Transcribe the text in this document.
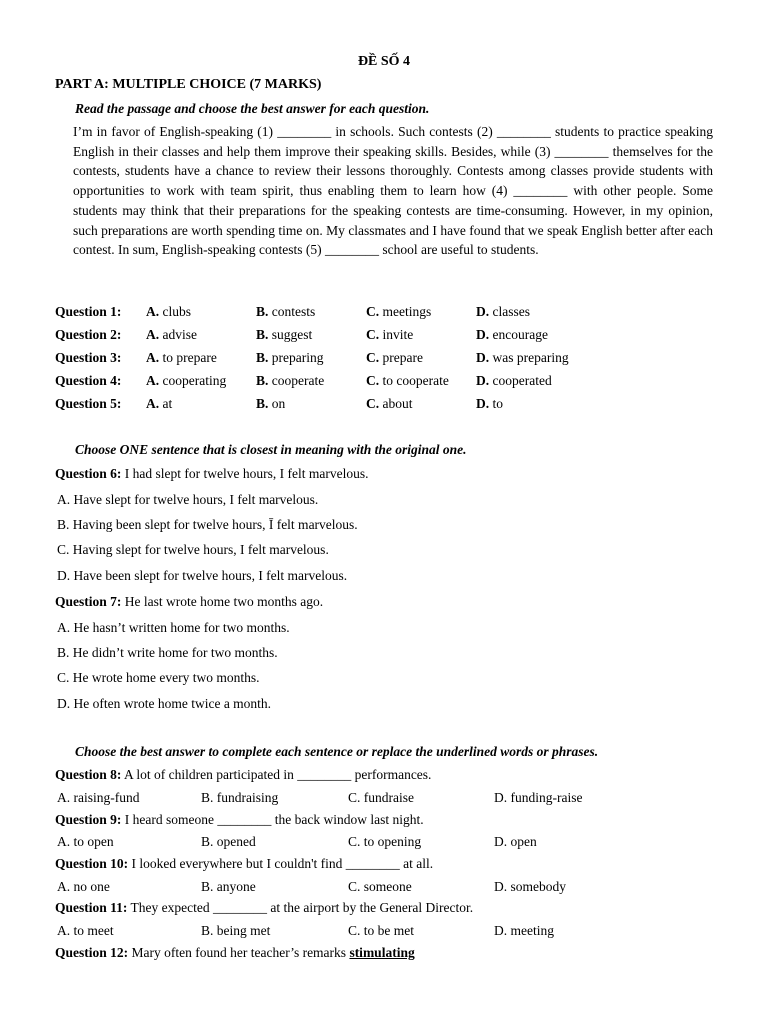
ĐỀ SỐ 4
PART A: MULTIPLE CHOICE (7 MARKS)
Read the passage and choose the best answer for each question.
I’m in favor of English-speaking (1) ________ in schools. Such contests (2) ________ students to practice speaking English in their classes and help them improve their speaking skills. Besides, while (3) ________ themselves for the contests, students have a chance to review their lessons thoroughly. Contests among classes provide students with opportunities to work with team spirit, thus enabling them to learn how (4) ________ with other people. Some students may think that their preparations for the speaking contests are time-consuming. However, in my opinion, such preparations are worth spending time on. My classmates and I have found that we speak English better after each contest. In sum, English-speaking contests (5) ________ school are useful to students.
Question 1: A. clubs	B. contests	C. meetings	D. classes
Question 2: A. advise	B. suggest	C. invite	D. encourage
Question 3: A. to prepare	B. preparing	C. prepare	D. was preparing
Question 4: A. cooperating B. cooperate	C. to cooperate D. cooperated
Question 5: A. at	B. on	C. about	D. to
Choose ONE sentence that is closest in meaning with the original one.
Question 6: I had slept for twelve hours, I felt marvelous.
A. Have slept for twelve hours, I felt marvelous.
B. Having been slept for twelve hours, Ī felt marvelous.
C. Having slept for twelve hours, I felt marvelous.
D. Have been slept for twelve hours, I felt marvelous.
Question 7: He last wrote home two months ago.
A. He hasn’t written home for two months.
B. He didn’t write home for two months.
C. He wrote home every two months.
D. He often wrote home twice a month.
Choose the best answer to complete each sentence or replace the underlined words or phrases.
Question 8: A lot of children participated in ________ performances.
A. raising-fund	B. fundraising	C. fundraise	D. funding-raise
Question 9: I heard someone ________ the back window last night.
A. to open	B. opened	C. to opening	D. open
Question 10: I looked everywhere but I couldn't find ________ at all.
A. no one	B. anyone	C. someone	D. somebody
Question 11: They expected ________ at the airport by the General Director.
A. to meet	B. being met	C. to be met	D. meeting
Question 12: Mary often found her teacher’s remarks stimulating
